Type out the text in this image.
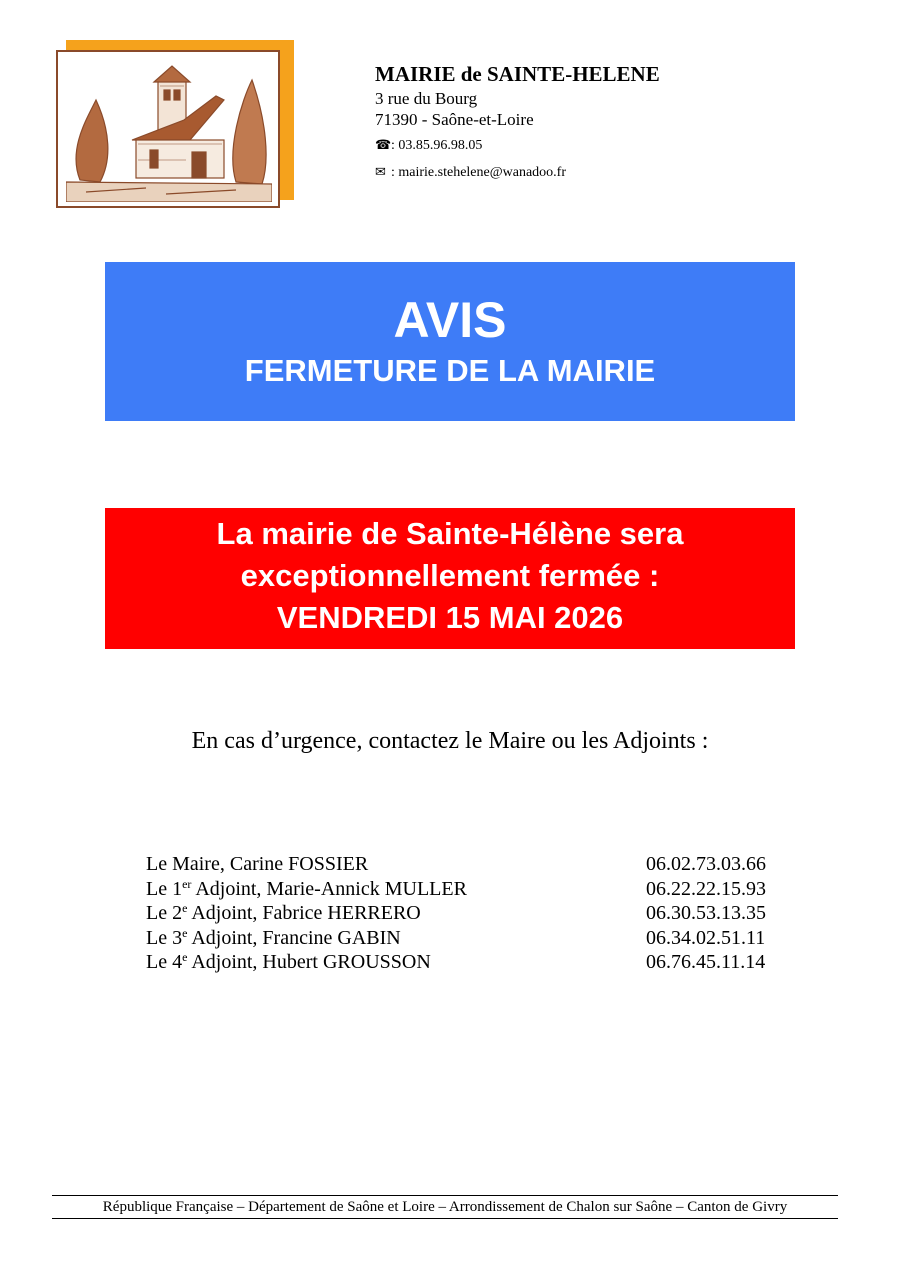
MAIRIE de SAINTE-HELENE
3 rue du Bourg
71390 - Saône-et-Loire
☎: 03.85.96.98.05
✉ : mairie.stehelene@wanadoo.fr
AVIS
FERMETURE DE LA MAIRIE
La mairie de Sainte-Hélène sera
exceptionnellement fermée :
VENDREDI 15 MAI 2026
En cas d’urgence, contactez le Maire ou les Adjoints :
Le Maire, Carine FOSSIER	06.02.73.03.66
Le 1er Adjoint, Marie-Annick MULLER	06.22.22.15.93
Le 2e Adjoint, Fabrice HERRERO	06.30.53.13.35
Le 3e Adjoint, Francine GABIN	06.34.02.51.11
Le 4e Adjoint, Hubert GROUSSON	06.76.45.11.14
République Française – Département de Saône et Loire – Arrondissement de Chalon sur Saône – Canton de Givry
